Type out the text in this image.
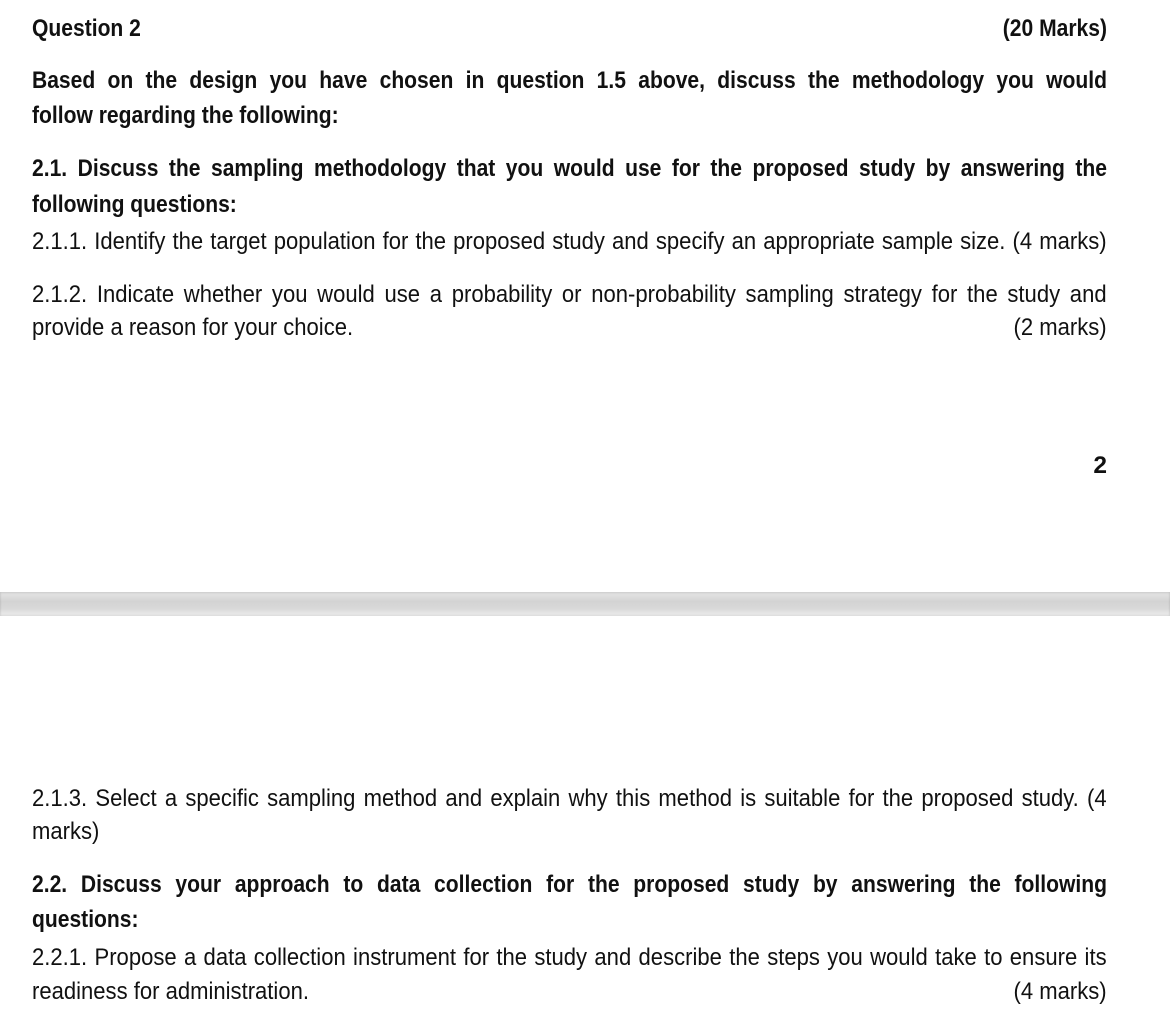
Question 2	(20 Marks)
Based on the design you have chosen in question 1.5 above, discuss the methodology you would
follow regarding the following:
2.1. Discuss the sampling methodology that you would use for the proposed study by answering the
following questions:
2.1.1. Identify the target population for the proposed study and specify an appropriate sample size. (4 marks)
2.1.2. Indicate whether you would use a probability or non-probability sampling strategy for the study and
provide a reason for your choice.	(2 marks)
2
2.1.3. Select a specific sampling method and explain why this method is suitable for the proposed study. (4
marks)
2.2. Discuss your approach to data collection for the proposed study by answering the following
questions:
2.2.1. Propose a data collection instrument for the study and describe the steps you would take to ensure its
readiness for administration.	(4 marks)
